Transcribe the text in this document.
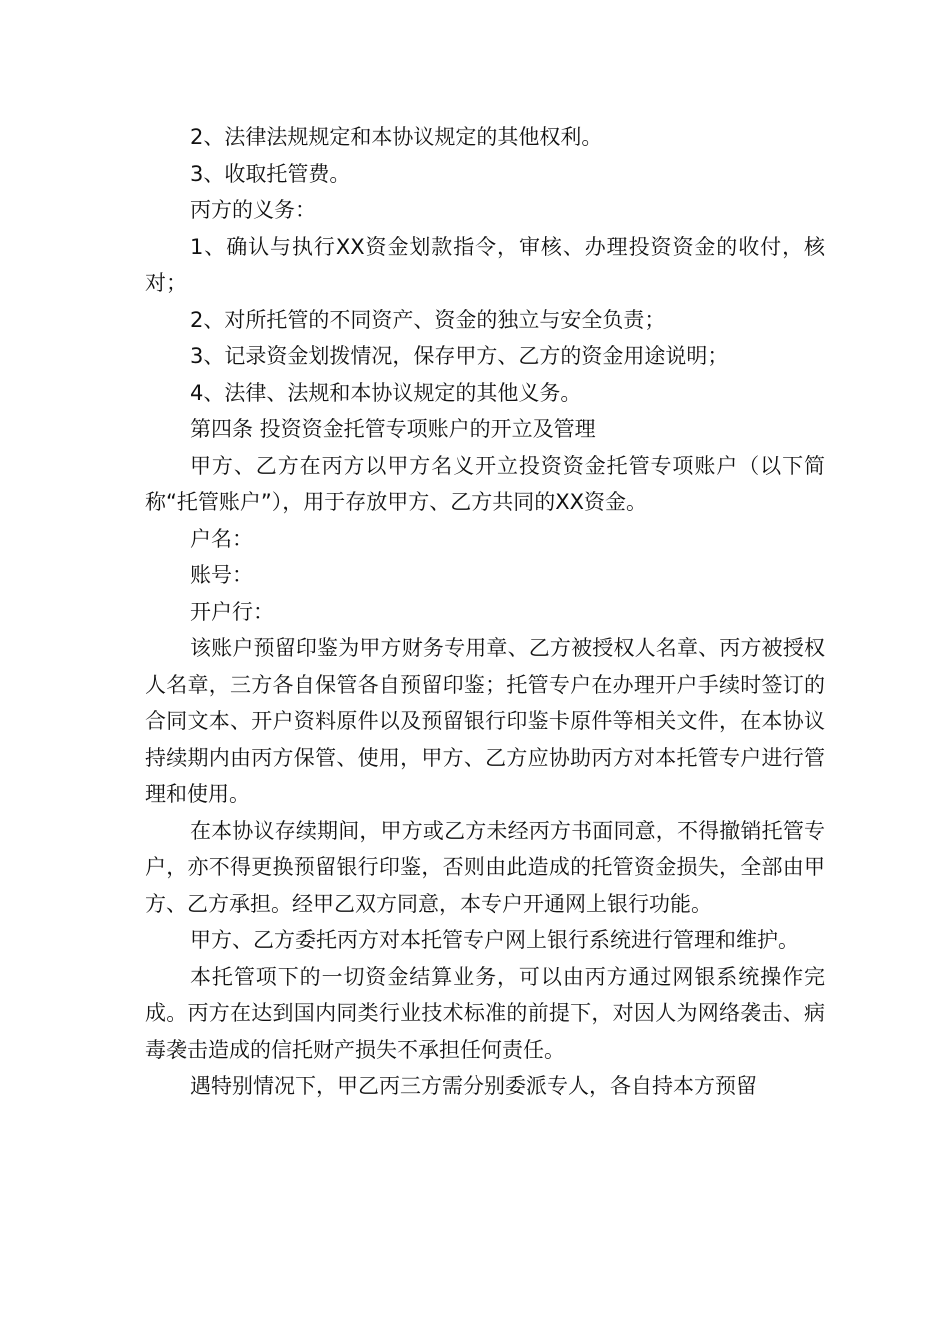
2、法律法规规定和本协议规定的其他权利。

3、收取托管费。

丙方的义务：

1、确认与执行XX资金划款指令，审核、办理投资资金的收付，核对；

2、对所托管的不同资产、资金的独立与安全负责；

3、记录资金划拨情况，保存甲方、乙方的资金用途说明；

4、法律、法规和本协议规定的其他义务。

第四条 投资资金托管专项账户的开立及管理

甲方、乙方在丙方以甲方名义开立投资资金托管专项账户（以下简称“托管账户”），用于存放甲方、乙方共同的XX资金。

户名：

账号：

开户行：

该账户预留印鉴为甲方财务专用章、乙方被授权人名章、丙方被授权人名章，三方各自保管各自预留印鉴；托管专户在办理开户手续时签订的合同文本、开户资料原件以及预留银行印鉴卡原件等相关文件，在本协议持续期内由丙方保管、使用，甲方、乙方应协助丙方对本托管专户进行管理和使用。

在本协议存续期间，甲方或乙方未经丙方书面同意，不得撤销托管专户，亦不得更换预留银行印鉴，否则由此造成的托管资金损失，全部由甲方、乙方承担。经甲乙双方同意，本专户开通网上银行功能。

甲方、乙方委托丙方对本托管专户网上银行系统进行管理和维护。

本托管项下的一切资金结算业务，可以由丙方通过网银系统操作完成。丙方在达到国内同类行业技术标准的前提下，对因人为网络袭击、病毒袭击造成的信托财产损失不承担任何责任。

遇特别情况下，甲乙丙三方需分别委派专人，各自持本方预留
